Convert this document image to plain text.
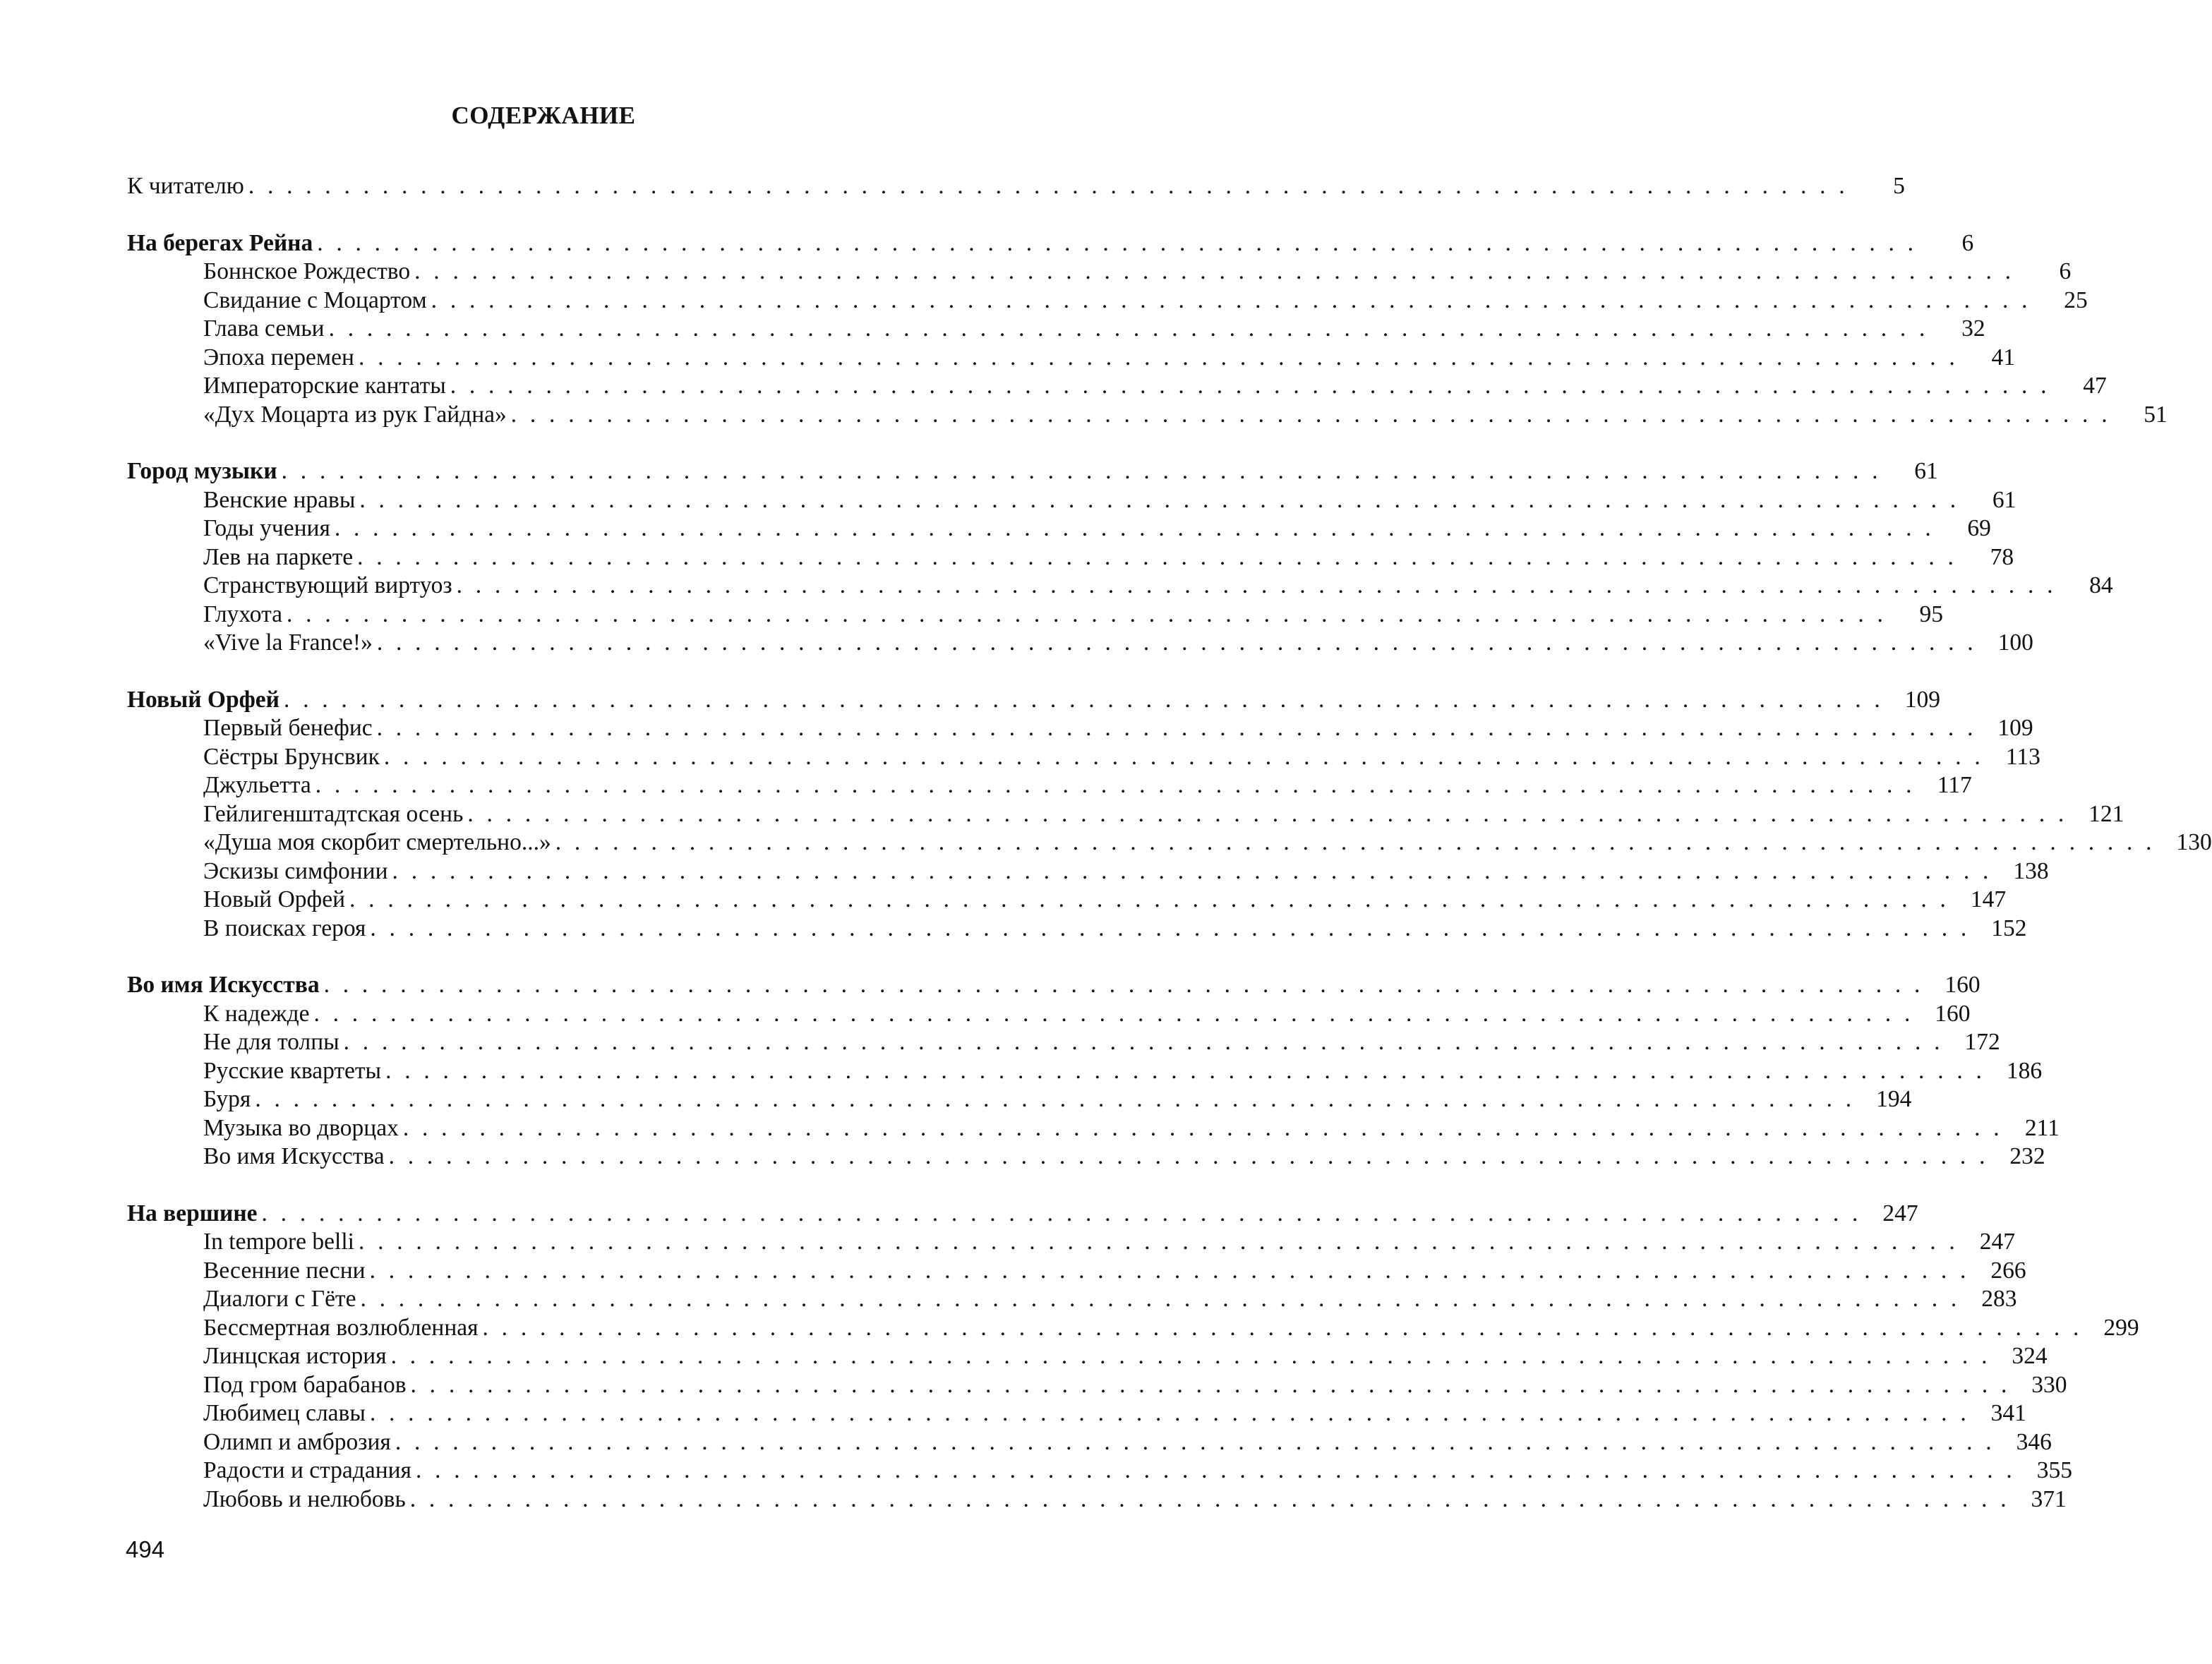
СОДЕРЖАНИЕ
К читателю . . . . . . . . . . . . . . . . . . . . . . . . . . . . . . . . . . . . . . . . . . . . . . . . . . . . . . . . . . . . . . . . . . . . . . . . . . . . . . . . . . . .	5
На берегах Рейна . . . . . . . . . . . . . . . . . . . . . . . . . . . . . . . . . . . . . . . . . . . . . . . . . . . . . . . . . . . . . . . . . . . . . . . . . . . . . . . . . . . .	6
Боннское Рождество . . . . . . . . . . . . . . . . . . . . . . . . . . . . . . . . . . . . . . . . . . . . . . . . . . . . . . . . . . . . . . . . . . . . . . . . . . . . . . . . . . . .	6
Свидание с Моцартом . . . . . . . . . . . . . . . . . . . . . . . . . . . . . . . . . . . . . . . . . . . . . . . . . . . . . . . . . . . . . . . . . . . . . . . . . . . . . . . . . . . .	25
Глава семьи . . . . . . . . . . . . . . . . . . . . . . . . . . . . . . . . . . . . . . . . . . . . . . . . . . . . . . . . . . . . . . . . . . . . . . . . . . . . . . . . . . . .	32
Эпоха перемен . . . . . . . . . . . . . . . . . . . . . . . . . . . . . . . . . . . . . . . . . . . . . . . . . . . . . . . . . . . . . . . . . . . . . . . . . . . . . . . . . . . .	41
Императорские кантаты . . . . . . . . . . . . . . . . . . . . . . . . . . . . . . . . . . . . . . . . . . . . . . . . . . . . . . . . . . . . . . . . . . . . . . . . . . . . . . . . . . . .	47
«Дух Моцарта из рук Гайдна» . . . . . . . . . . . . . . . . . . . . . . . . . . . . . . . . . . . . . . . . . . . . . . . . . . . . . . . . . . . . . . . . . . . . . . . . . . . . . . . . . . . .	51
Город музыки . . . . . . . . . . . . . . . . . . . . . . . . . . . . . . . . . . . . . . . . . . . . . . . . . . . . . . . . . . . . . . . . . . . . . . . . . . . . . . . . . . . .	61
Венские нравы . . . . . . . . . . . . . . . . . . . . . . . . . . . . . . . . . . . . . . . . . . . . . . . . . . . . . . . . . . . . . . . . . . . . . . . . . . . . . . . . . . . .	61
Годы учения . . . . . . . . . . . . . . . . . . . . . . . . . . . . . . . . . . . . . . . . . . . . . . . . . . . . . . . . . . . . . . . . . . . . . . . . . . . . . . . . . . . .	69
Лев на паркете . . . . . . . . . . . . . . . . . . . . . . . . . . . . . . . . . . . . . . . . . . . . . . . . . . . . . . . . . . . . . . . . . . . . . . . . . . . . . . . . . . . .	78
Странствующий виртуоз . . . . . . . . . . . . . . . . . . . . . . . . . . . . . . . . . . . . . . . . . . . . . . . . . . . . . . . . . . . . . . . . . . . . . . . . . . . . . . . . . . . .	84
Глухота . . . . . . . . . . . . . . . . . . . . . . . . . . . . . . . . . . . . . . . . . . . . . . . . . . . . . . . . . . . . . . . . . . . . . . . . . . . . . . . . . . . .	95
«Vive la France!» . . . . . . . . . . . . . . . . . . . . . . . . . . . . . . . . . . . . . . . . . . . . . . . . . . . . . . . . . . . . . . . . . . . . . . . . . . . . . . . . . . . . 100
Новый Орфей . . . . . . . . . . . . . . . . . . . . . . . . . . . . . . . . . . . . . . . . . . . . . . . . . . . . . . . . . . . . . . . . . . . . . . . . . . . . . . . . . . . . 109
Первый бенефис . . . . . . . . . . . . . . . . . . . . . . . . . . . . . . . . . . . . . . . . . . . . . . . . . . . . . . . . . . . . . . . . . . . . . . . . . . . . . . . . . . . . 109
Сёстры Брунсвик . . . . . . . . . . . . . . . . . . . . . . . . . . . . . . . . . . . . . . . . . . . . . . . . . . . . . . . . . . . . . . . . . . . . . . . . . . . . . . . . . . . . 113
Джульетта . . . . . . . . . . . . . . . . . . . . . . . . . . . . . . . . . . . . . . . . . . . . . . . . . . . . . . . . . . . . . . . . . . . . . . . . . . . . . . . . . . . . 117
Гейлигенштадтская осень . . . . . . . . . . . . . . . . . . . . . . . . . . . . . . . . . . . . . . . . . . . . . . . . . . . . . . . . . . . . . . . . . . . . . . . . . . . . . . . . . . . . 121
«Душа моя скорбит смертельно...» . . . . . . . . . . . . . . . . . . . . . . . . . . . . . . . . . . . . . . . . . . . . . . . . . . . . . . . . . . . . . . . . . . . . . . . . . . . . . . . . . . . . 130
Эскизы симфонии . . . . . . . . . . . . . . . . . . . . . . . . . . . . . . . . . . . . . . . . . . . . . . . . . . . . . . . . . . . . . . . . . . . . . . . . . . . . . . . . . . . . 138
Новый Орфей . . . . . . . . . . . . . . . . . . . . . . . . . . . . . . . . . . . . . . . . . . . . . . . . . . . . . . . . . . . . . . . . . . . . . . . . . . . . . . . . . . . . 147
В поисках героя . . . . . . . . . . . . . . . . . . . . . . . . . . . . . . . . . . . . . . . . . . . . . . . . . . . . . . . . . . . . . . . . . . . . . . . . . . . . . . . . . . . . 152
Во имя Искусства . . . . . . . . . . . . . . . . . . . . . . . . . . . . . . . . . . . . . . . . . . . . . . . . . . . . . . . . . . . . . . . . . . . . . . . . . . . . . . . . . . . . 160
К надежде . . . . . . . . . . . . . . . . . . . . . . . . . . . . . . . . . . . . . . . . . . . . . . . . . . . . . . . . . . . . . . . . . . . . . . . . . . . . . . . . . . . . 160
Не для толпы . . . . . . . . . . . . . . . . . . . . . . . . . . . . . . . . . . . . . . . . . . . . . . . . . . . . . . . . . . . . . . . . . . . . . . . . . . . . . . . . . . . . 172
Русские квартеты . . . . . . . . . . . . . . . . . . . . . . . . . . . . . . . . . . . . . . . . . . . . . . . . . . . . . . . . . . . . . . . . . . . . . . . . . . . . . . . . . . . . 186
Буря . . . . . . . . . . . . . . . . . . . . . . . . . . . . . . . . . . . . . . . . . . . . . . . . . . . . . . . . . . . . . . . . . . . . . . . . . . . . . . . . . . . . 194
Музыка во дворцах . . . . . . . . . . . . . . . . . . . . . . . . . . . . . . . . . . . . . . . . . . . . . . . . . . . . . . . . . . . . . . . . . . . . . . . . . . . . . . . . . . . . 211
Во имя Искусства . . . . . . . . . . . . . . . . . . . . . . . . . . . . . . . . . . . . . . . . . . . . . . . . . . . . . . . . . . . . . . . . . . . . . . . . . . . . . . . . . . . . 232
На вершине . . . . . . . . . . . . . . . . . . . . . . . . . . . . . . . . . . . . . . . . . . . . . . . . . . . . . . . . . . . . . . . . . . . . . . . . . . . . . . . . . . . . 247
In tempore belli . . . . . . . . . . . . . . . . . . . . . . . . . . . . . . . . . . . . . . . . . . . . . . . . . . . . . . . . . . . . . . . . . . . . . . . . . . . . . . . . . . . . 247
Весенние песни . . . . . . . . . . . . . . . . . . . . . . . . . . . . . . . . . . . . . . . . . . . . . . . . . . . . . . . . . . . . . . . . . . . . . . . . . . . . . . . . . . . . 266
Диалоги с Гёте . . . . . . . . . . . . . . . . . . . . . . . . . . . . . . . . . . . . . . . . . . . . . . . . . . . . . . . . . . . . . . . . . . . . . . . . . . . . . . . . . . . . 283
Бессмертная возлюбленная . . . . . . . . . . . . . . . . . . . . . . . . . . . . . . . . . . . . . . . . . . . . . . . . . . . . . . . . . . . . . . . . . . . . . . . . . . . . . . . . . . . . 299
Линцская история . . . . . . . . . . . . . . . . . . . . . . . . . . . . . . . . . . . . . . . . . . . . . . . . . . . . . . . . . . . . . . . . . . . . . . . . . . . . . . . . . . . . 324
Под гром барабанов . . . . . . . . . . . . . . . . . . . . . . . . . . . . . . . . . . . . . . . . . . . . . . . . . . . . . . . . . . . . . . . . . . . . . . . . . . . . . . . . . . . . 330
Любимец славы . . . . . . . . . . . . . . . . . . . . . . . . . . . . . . . . . . . . . . . . . . . . . . . . . . . . . . . . . . . . . . . . . . . . . . . . . . . . . . . . . . . . 341
Олимп и амброзия . . . . . . . . . . . . . . . . . . . . . . . . . . . . . . . . . . . . . . . . . . . . . . . . . . . . . . . . . . . . . . . . . . . . . . . . . . . . . . . . . . . . 346
Радости и страдания . . . . . . . . . . . . . . . . . . . . . . . . . . . . . . . . . . . . . . . . . . . . . . . . . . . . . . . . . . . . . . . . . . . . . . . . . . . . . . . . . . . . 355
Любовь и нелюбовь . . . . . . . . . . . . . . . . . . . . . . . . . . . . . . . . . . . . . . . . . . . . . . . . . . . . . . . . . . . . . . . . . . . . . . . . . . . . . . . . . . . . 371
494
